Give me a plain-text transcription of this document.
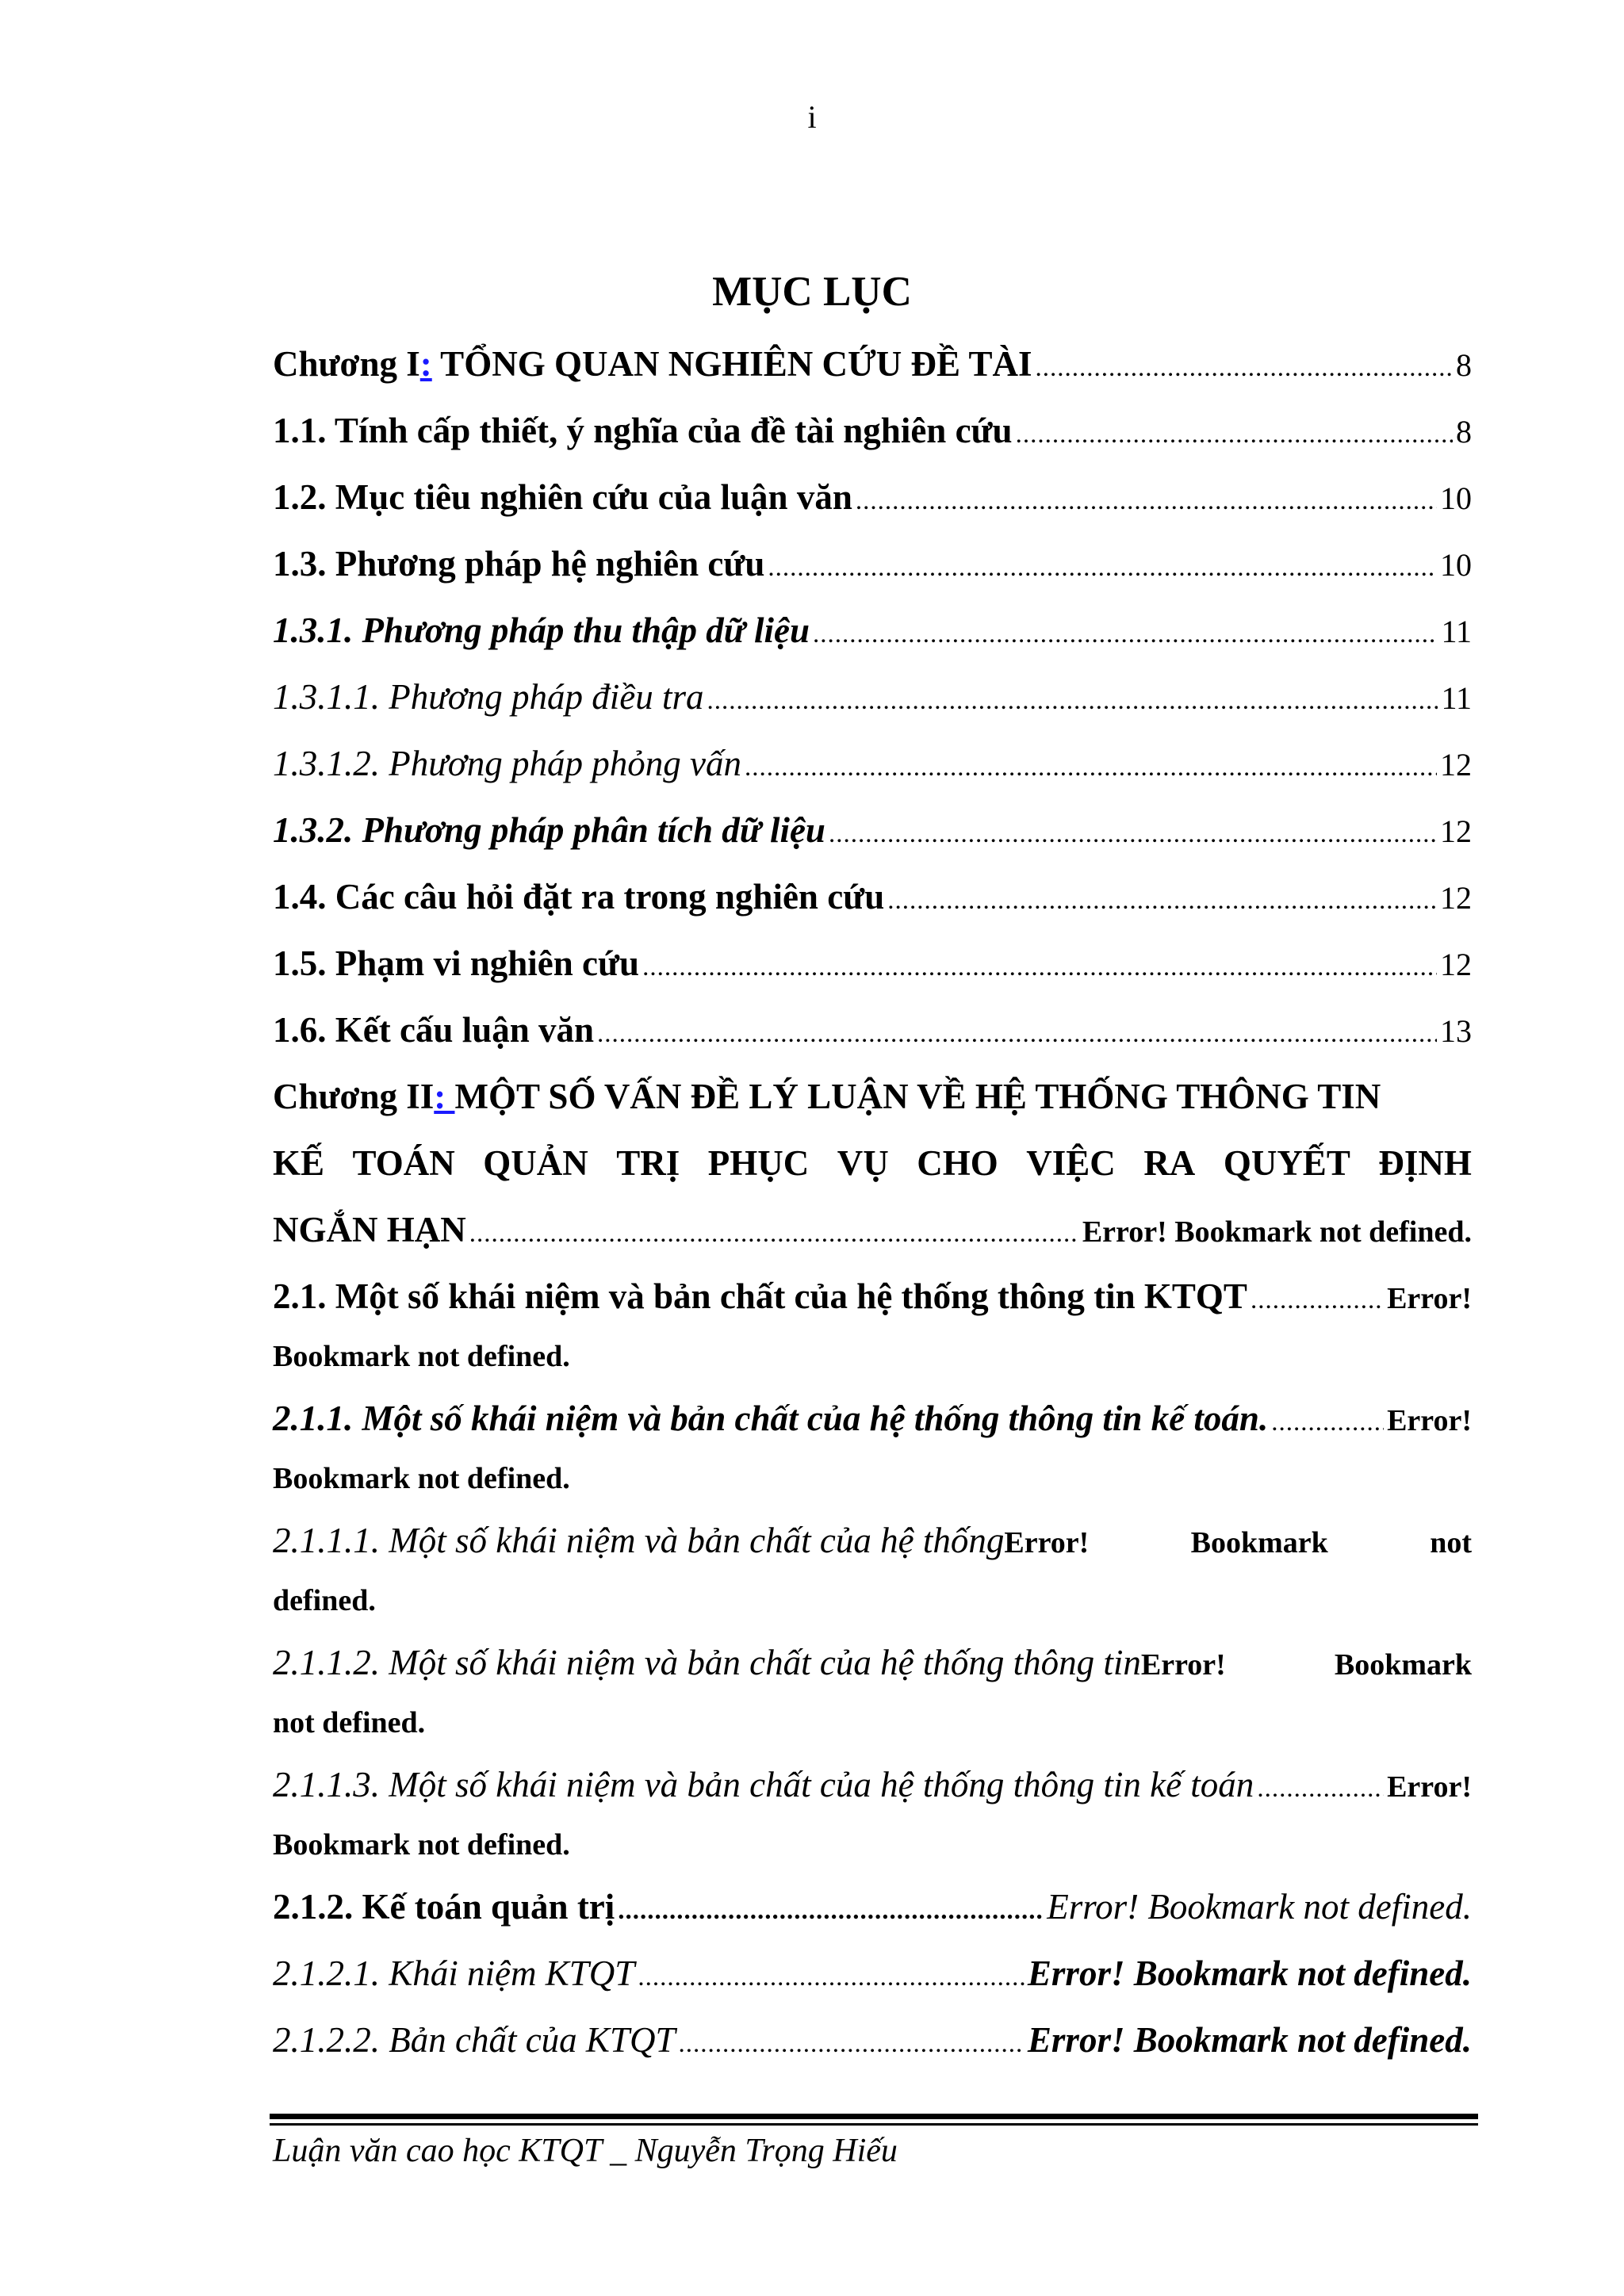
i
MỤC LỤC
Chương I: TỔNG QUAN NGHIÊN CỨU ĐỀ TÀI .....	8
1.1. Tính cấp thiết, ý nghĩa của đề tài nghiên cứu .....	8
1.2. Mục tiêu nghiên cứu của luận văn .....	10
1.3. Phương pháp hệ nghiên cứu .....	10
1.3.1. Phương pháp thu thập dữ liệu .....	11
1.3.1.1. Phương pháp điều tra .....	11
1.3.1.2. Phương pháp phỏng vấn .....	12
1.3.2. Phương pháp phân tích dữ liệu .....	12
1.4. Các câu hỏi đặt ra trong nghiên cứu .....	12
1.5. Phạm vi nghiên cứu .....	12
1.6. Kết cấu luận văn .....	13
Chương II: MỘT SỐ VẤN ĐỀ LÝ LUẬN VỀ HỆ THỐNG THÔNG TIN
KẾ TOÁN QUẢN TRỊ PHỤC VỤ CHO VIỆC RA QUYẾT ĐỊNH
NGẮN HẠN .....	Error! Bookmark not defined.
2.1. Một số khái niệm và bản chất của hệ thống thông tin KTQT .....	Error!
Bookmark not defined.
2.1.1. Một số khái niệm và bản chất của hệ thống thông tin kế toán. .....	Error!
Bookmark not defined.
2.1.1.1. Một số khái niệm và bản chất của hệ thống Error!	Bookmark	not
defined.
2.1.1.2. Một số khái niệm và bản chất của hệ thống thông tin Error!	Bookmark
not defined.
2.1.1.3. Một số khái niệm và bản chất của hệ thống thông tin kế toán .....	Error!
Bookmark not defined.
2.1.2. Kế toán quản trị .....	Error! Bookmark not defined.
2.1.2.1. Khái niệm KTQT .....	Error! Bookmark not defined.
2.1.2.2. Bản chất của KTQT .....	Error! Bookmark not defined.
Luận văn cao học KTQT _ Nguyễn Trọng Hiếu
